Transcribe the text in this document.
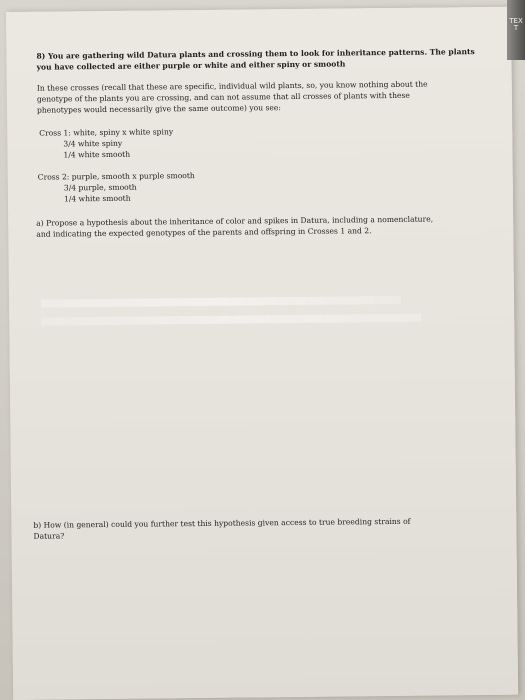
8) You are gathering wild Datura plants and crossing them to look for inheritance patterns. The plants
you have collected are either purple or white and either spiny or smooth
In these crosses (recall that these are specific, individual wild plants, so, you know nothing about the
genotype of the plants you are crossing, and can not assume that all crosses of plants with these
phenotypes would necessarily give the same outcome) you see:
Cross 1: white, spiny x white spiny
3/4 white spiny
1/4 white smooth
Cross 2: purple, smooth x purple smooth
3/4 purple, smooth
1/4 white smooth
a) Propose a hypothesis about the inheritance of color and spikes in Datura, including a nomenclature,
and indicating the expected genotypes of the parents and offspring in Crosses 1 and 2.
b) How (in general) could you further test this hypothesis given access to true breeding strains of
Datura?
TEXT
